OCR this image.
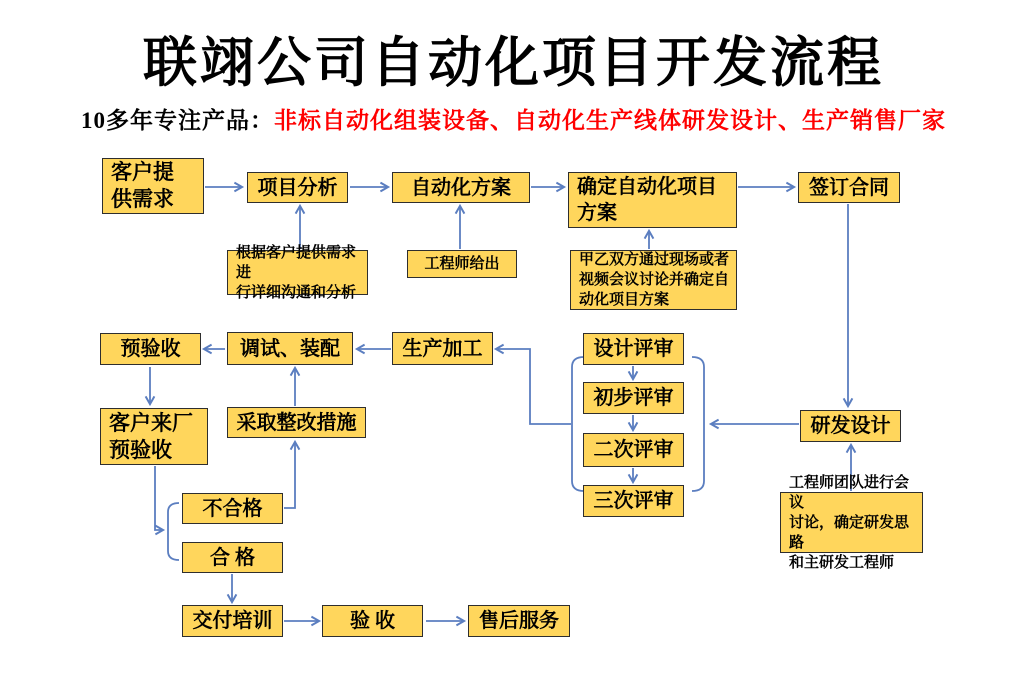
联翊公司自动化项目开发流程
10多年专注产品：非标自动化组装设备、自动化生产线体研发设计、生产销售厂家
客户提
供需求	项目分析	自动化方案	确定自动化项目
方案
签订合同
根据客户提供需求进
行详细沟通和分析
工程师给出	甲乙双方通过现场或者
视频会议讨论并确定自
动化项目方案
预验收	调试、装配	生产加工	设计评审
初步评审
二次评审
三次评审
研发设计
工程师团队进行会议
讨论，确定研发思路
和主研发工程师
客户来厂
预验收
采取整改措施
不合格
合 格
交付培训	验 收	售后服务
